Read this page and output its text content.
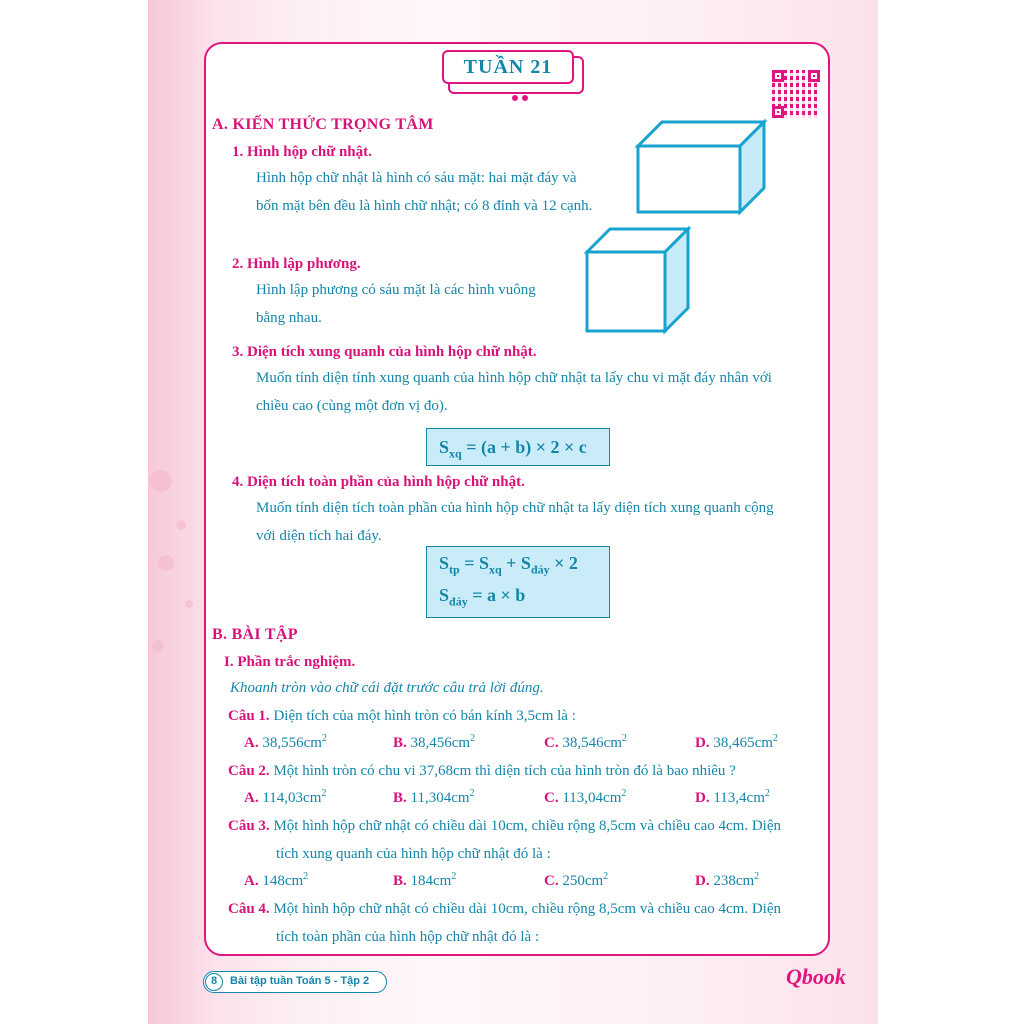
TUẦN 21
A. KIẾN THỨC TRỌNG TÂM
1. Hình hộp chữ nhật.
Hình hộp chữ nhật là hình có sáu mặt: hai mặt đáy và
bốn mặt bên đều là hình chữ nhật; có 8 đỉnh và 12 cạnh.
2. Hình lập phương.
Hình lập phương có sáu mặt là các hình vuông
bằng nhau.
3. Diện tích xung quanh của hình hộp chữ nhật.
Muốn tính diện tính xung quanh của hình hộp chữ nhật ta lấy chu vi mặt đáy nhân với
chiều cao (cùng một đơn vị đo).
$S_{xq} = (a + b) \times 2 \times c$
4. Diện tích toàn phần của hình hộp chữ nhật.
Muốn tính diện tích toàn phần của hình hộp chữ nhật ta lấy diện tích xung quanh cộng
với diện tích hai đáy.
$S_{tp} = S_{xq} + S_{đáy} \times 2$
$S_{đáy} = a \times b$
B. BÀI TẬP
I. Phần trắc nghiệm.
Khoanh tròn vào chữ cái đặt trước câu trả lời đúng.
Câu 1. Diện tích của một hình tròn có bán kính 3,5cm là :
A. $38,556cm^2$	B. $38,456cm^2$	C. $38,546cm^2$	D. $38,465cm^2$
Câu 2. Một hình tròn có chu vi 37,68cm thì diện tích của hình tròn đó là bao nhiêu ?
A. $114,03cm^2$	B. $11,304cm^2$	C. $113,04cm^2$	D. $113,4cm^2$
Câu 3. Một hình hộp chữ nhật có chiều dài 10cm, chiều rộng 8,5cm và chiều cao 4cm. Diện
tích xung quanh của hình hộp chữ nhật đó là :
A. $148cm^2$	B. $184cm^2$	C. $250cm^2$	D. $238cm^2$
Câu 4. Một hình hộp chữ nhật có chiều dài 10cm, chiều rộng 8,5cm và chiều cao 4cm. Diện
tích toàn phần của hình hộp chữ nhật đó là :
8	Bài tập tuần Toán 5 - Tập 2	Qbook
